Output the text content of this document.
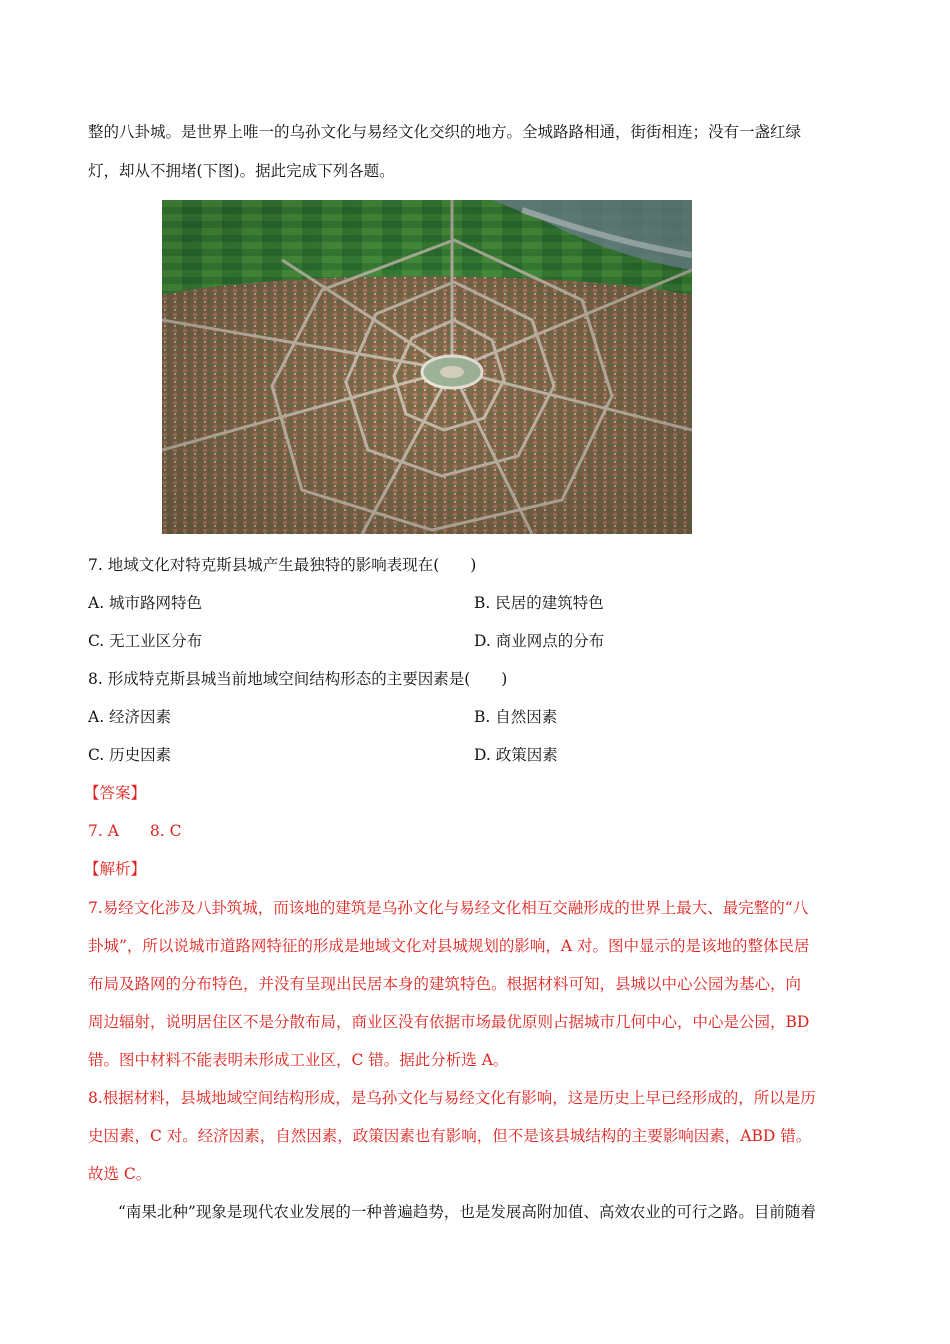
整的八卦城。是世界上唯一的乌孙文化与易经文化交织的地方。全城路路相通，街街相连；没有一盏红绿
灯，却从不拥堵(下图)。据此完成下列各题。
7. 地域文化对特克斯县城产生最独特的影响表现在(　　)
A. 城市路网特色	B. 民居的建筑特色
C. 无工业区分布	D. 商业网点的分布
8. 形成特克斯县城当前地域空间结构形态的主要因素是(　　)
A. 经济因素	B. 自然因素
C. 历史因素	D. 政策因素
【答案】
7. A　　8. C
【解析】
7.易经文化涉及八卦筑城，而该地的建筑是乌孙文化与易经文化相互交融形成的世界上最大、最完整的“八
卦城”，所以说城市道路网特征的形成是地域文化对县城规划的影响，A 对。图中显示的是该地的整体民居
布局及路网的分布特色，并没有呈现出民居本身的建筑特色。根据材料可知，县城以中心公园为基心，向
周边辐射，说明居住区不是分散布局，商业区没有依据市场最优原则占据城市几何中心，中心是公园，BD
错。图中材料不能表明未形成工业区，C 错。据此分析选 A。
8.根据材料，县城地域空间结构形成，是乌孙文化与易经文化有影响，这是历史上早已经形成的，所以是历
史因素，C 对。经济因素，自然因素，政策因素也有影响，但不是该县城结构的主要影响因素，ABD 错。
故选 C。
“南果北种”现象是现代农业发展的一种普遍趋势，也是发展高附加值、高效农业的可行之路。目前随着
